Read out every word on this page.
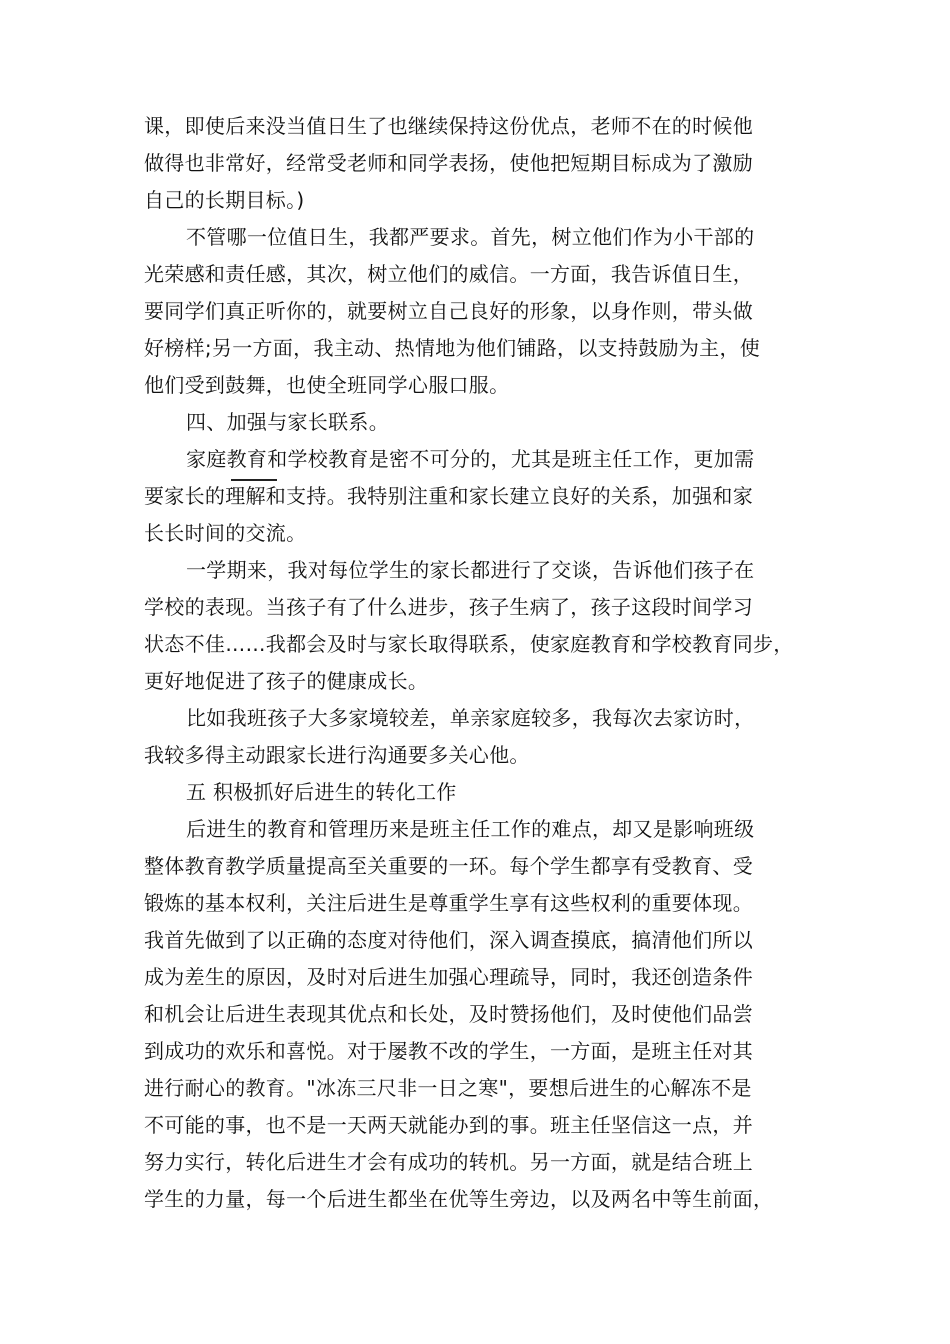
课，即使后来没当值日生了也继续保持这份优点，老师不在的时候他
做得也非常好，经常受老师和同学表扬，使他把短期目标成为了激励
自己的长期目标。)
不管哪一位值日生，我都严要求。首先，树立他们作为小干部的
光荣感和责任感，其次，树立他们的威信。一方面，我告诉值日生，
要同学们真正听你的，就要树立自己良好的形象，以身作则，带头做
好榜样;另一方面，我主动、热情地为他们铺路，以支持鼓励为主，使
他们受到鼓舞，也使全班同学心服口服。
四、加强与家长联系。
家庭教育和学校教育是密不可分的，尤其是班主任工作，更加需
要家长的理解和支持。我特别注重和家长建立良好的关系，加强和家
长长时间的交流。
一学期来，我对每位学生的家长都进行了交谈，告诉他们孩子在
学校的表现。当孩子有了什么进步，孩子生病了，孩子这段时间学习
状态不佳……我都会及时与家长取得联系，使家庭教育和学校教育同步，
更好地促进了孩子的健康成长。
比如我班孩子大多家境较差，单亲家庭较多，我每次去家访时，
我较多得主动跟家长进行沟通要多关心他。
五 积极抓好后进生的转化工作
后进生的教育和管理历来是班主任工作的难点，却又是影响班级
整体教育教学质量提高至关重要的一环。每个学生都享有受教育、受
锻炼的基本权利，关注后进生是尊重学生享有这些权利的重要体现。
我首先做到了以正确的态度对待他们，深入调查摸底，搞清他们所以
成为差生的原因，及时对后进生加强心理疏导，同时，我还创造条件
和机会让后进生表现其优点和长处，及时赞扬他们，及时使他们品尝
到成功的欢乐和喜悦。对于屡教不改的学生，一方面，是班主任对其
进行耐心的教育。"冰冻三尺非一日之寒"，要想后进生的心解冻不是
不可能的事，也不是一天两天就能办到的事。班主任坚信这一点，并
努力实行，转化后进生才会有成功的转机。另一方面，就是结合班上
学生的力量，每一个后进生都坐在优等生旁边，以及两名中等生前面，
